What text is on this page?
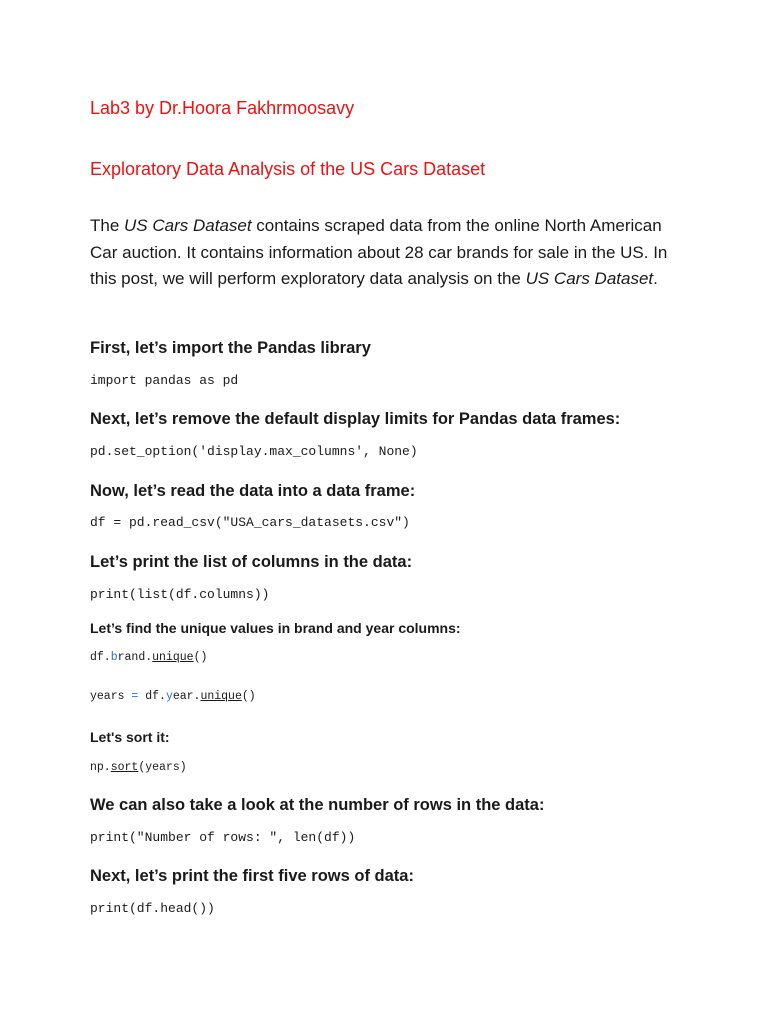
Lab3 by Dr.Hoora Fakhrmoosavy
Exploratory Data Analysis of the US Cars Dataset
The US Cars Dataset contains scraped data from the online North American Car auction. It contains information about 28 car brands for sale in the US. In this post, we will perform exploratory data analysis on the US Cars Dataset.
First, let’s import the Pandas library
import pandas as pd
Next, let’s remove the default display limits for Pandas data frames:
pd.set_option('display.max_columns', None)
Now, let’s read the data into a data frame:
df = pd.read_csv("USA_cars_datasets.csv")
Let’s print the list of columns in the data:
print(list(df.columns))
Let’s find the unique values in brand and year columns:
df.brand.unique()
years = df.year.unique()
Let's sort it:
np.sort(years)
We can also take a look at the number of rows in the data:
print("Number of rows: ", len(df))
Next, let’s print the first five rows of data:
print(df.head())
